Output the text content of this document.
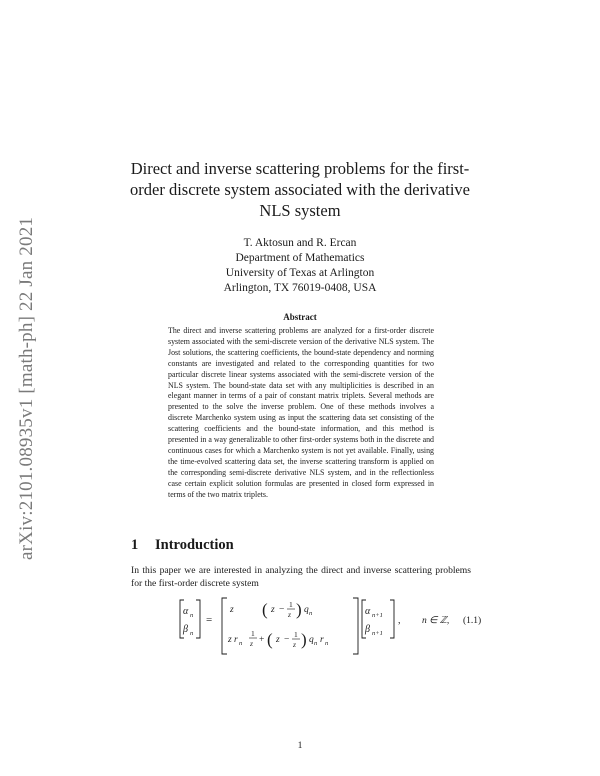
arXiv:2101.08935v1 [math-ph] 22 Jan 2021
Direct and inverse scattering problems for the first-order discrete system associated with the derivative NLS system
T. Aktosun and R. Ercan
Department of Mathematics
University of Texas at Arlington
Arlington, TX 76019-0408, USA
Abstract
The direct and inverse scattering problems are analyzed for a first-order discrete system associated with the semi-discrete version of the derivative NLS system. The Jost solutions, the scattering coefficients, the bound-state dependency and norming constants are investigated and related to the corresponding quantities for two particular discrete linear systems associated with the semi-discrete version of the NLS system. The bound-state data set with any multiplicities is described in an elegant manner in terms of a pair of constant matrix triplets. Several methods are presented to the solve the inverse problem. One of these methods involves a discrete Marchenko system using as input the scattering data set consisting of the scattering coefficients and the bound-state information, and this method is presented in a way generalizable to other first-order systems both in the discrete and continuous cases for which a Marchenko system is not yet available. Finally, using the time-evolved scattering data set, the inverse scattering transform is applied on the corresponding semi-discrete derivative NLS system, and in the reflectionless case certain explicit solution formulas are presented in closed form expressed in terms of the two matrix triplets.
1 Introduction
In this paper we are interested in analyzing the direct and inverse scattering problems for the first-order discrete system
α n
β n
=
z ( z −
1
z ) q n
z r n
1
z + ( z −
1
z ) q n r n
α n+1
β n+1
, n ∈ ℤ, (1.1)
1
